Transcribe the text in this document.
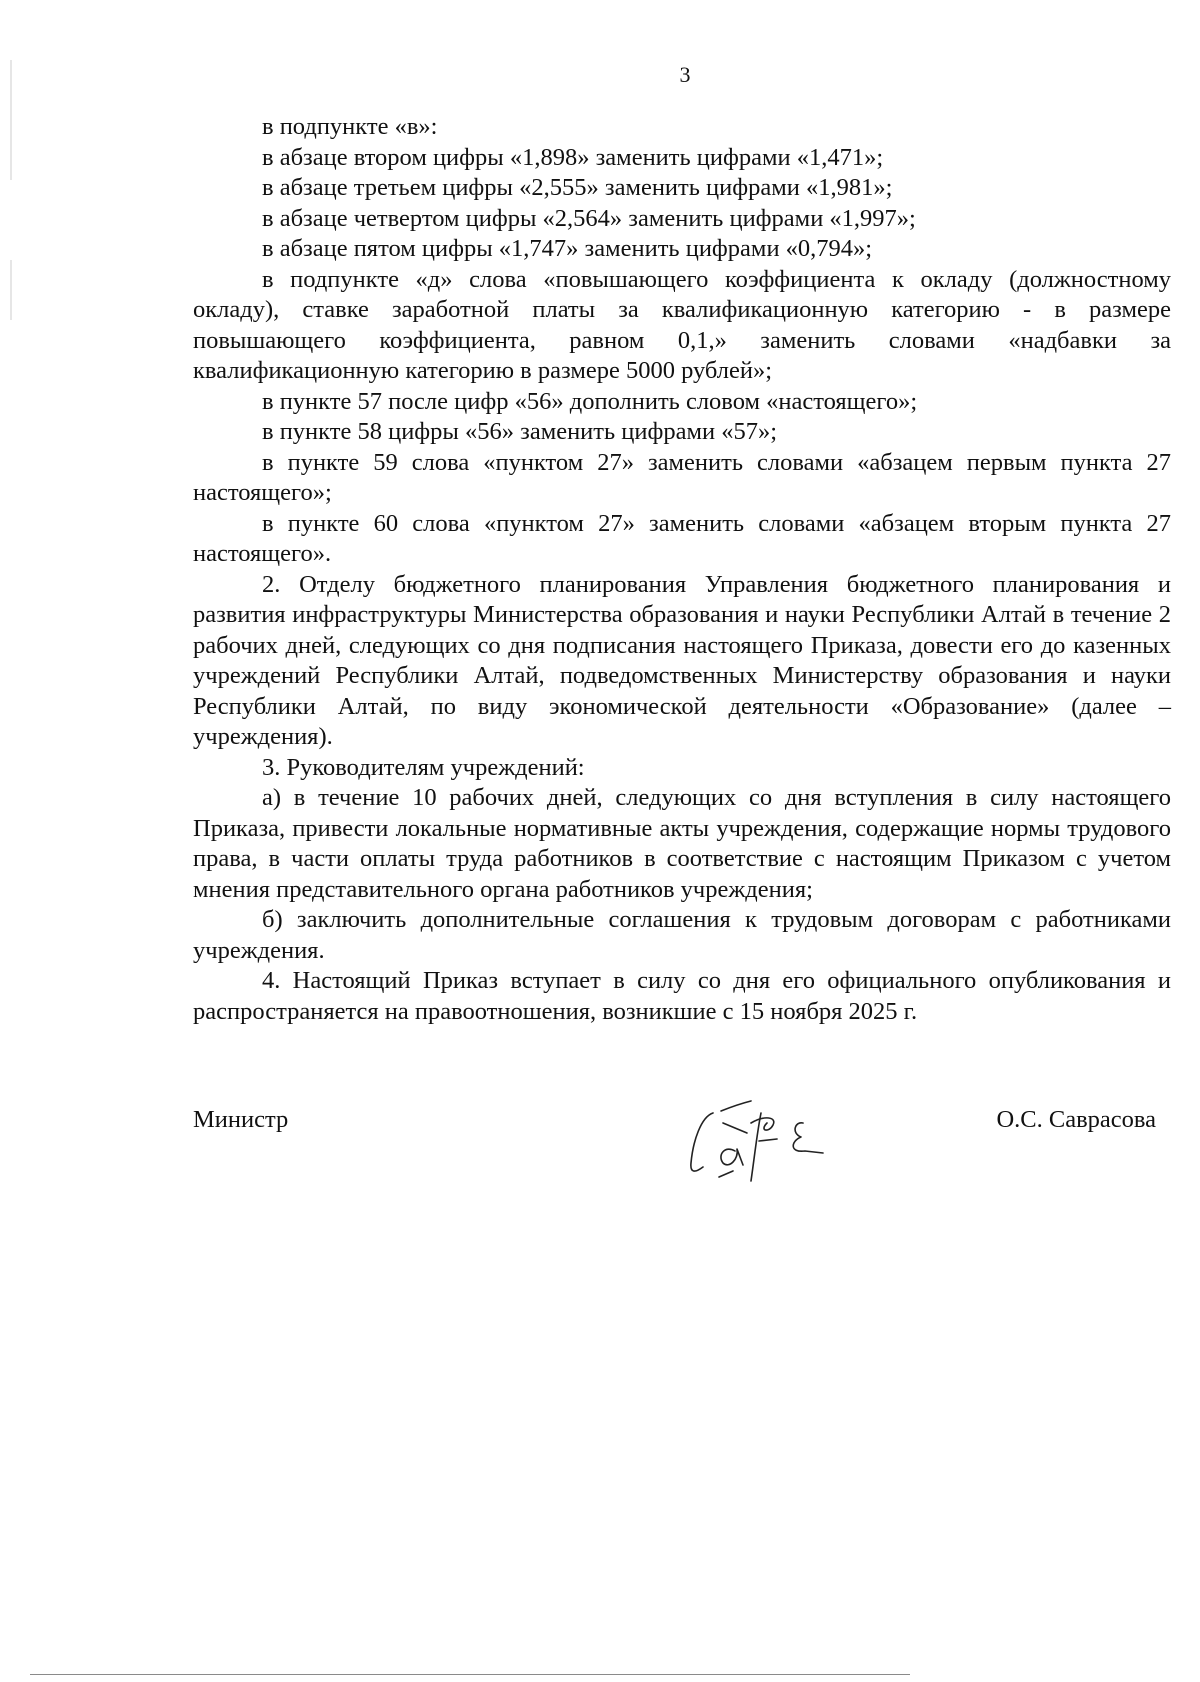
3

в подпункте «в»:

в абзаце втором цифры «1,898» заменить цифрами «1,471»;

в абзаце третьем цифры «2,555» заменить цифрами «1,981»;

в абзаце четвертом цифры «2,564» заменить цифрами «1,997»;

в абзаце пятом цифры «1,747» заменить цифрами «0,794»;

в подпункте «д» слова «повышающего коэффициента к окладу (должностному окладу), ставке заработной платы за квалификационную категорию - в размере повышающего коэффициента, равном 0,1,» заменить словами «надбавки за квалификационную категорию в размере 5000 рублей»;

в пункте 57 после цифр «56» дополнить словом «настоящего»;

в пункте 58 цифры «56» заменить цифрами «57»;

в пункте 59 слова «пунктом 27» заменить словами «абзацем первым пункта 27 настоящего»;

в пункте 60 слова «пунктом 27» заменить словами «абзацем вторым пункта 27 настоящего».

2. Отделу бюджетного планирования Управления бюджетного планирования и развития инфраструктуры Министерства образования и науки Республики Алтай в течение 2 рабочих дней, следующих со дня подписания настоящего Приказа, довести его до казенных учреждений Республики Алтай, подведомственных Министерству образования и науки Республики Алтай, по виду экономической деятельности «Образование» (далее – учреждения).

3. Руководителям учреждений:

а) в течение 10 рабочих дней, следующих со дня вступления в силу настоящего Приказа, привести локальные нормативные акты учреждения, содержащие нормы трудового права, в части оплаты труда работников в соответствие с настоящим Приказом с учетом мнения представительного органа работников учреждения;

б) заключить дополнительные соглашения к трудовым договорам с работниками учреждения.

4. Настоящий Приказ вступает в силу со дня его официального опубликования и распространяется на правоотношения, возникшие с 15 ноября 2025 г.

Министр	О.С. Саврасова
